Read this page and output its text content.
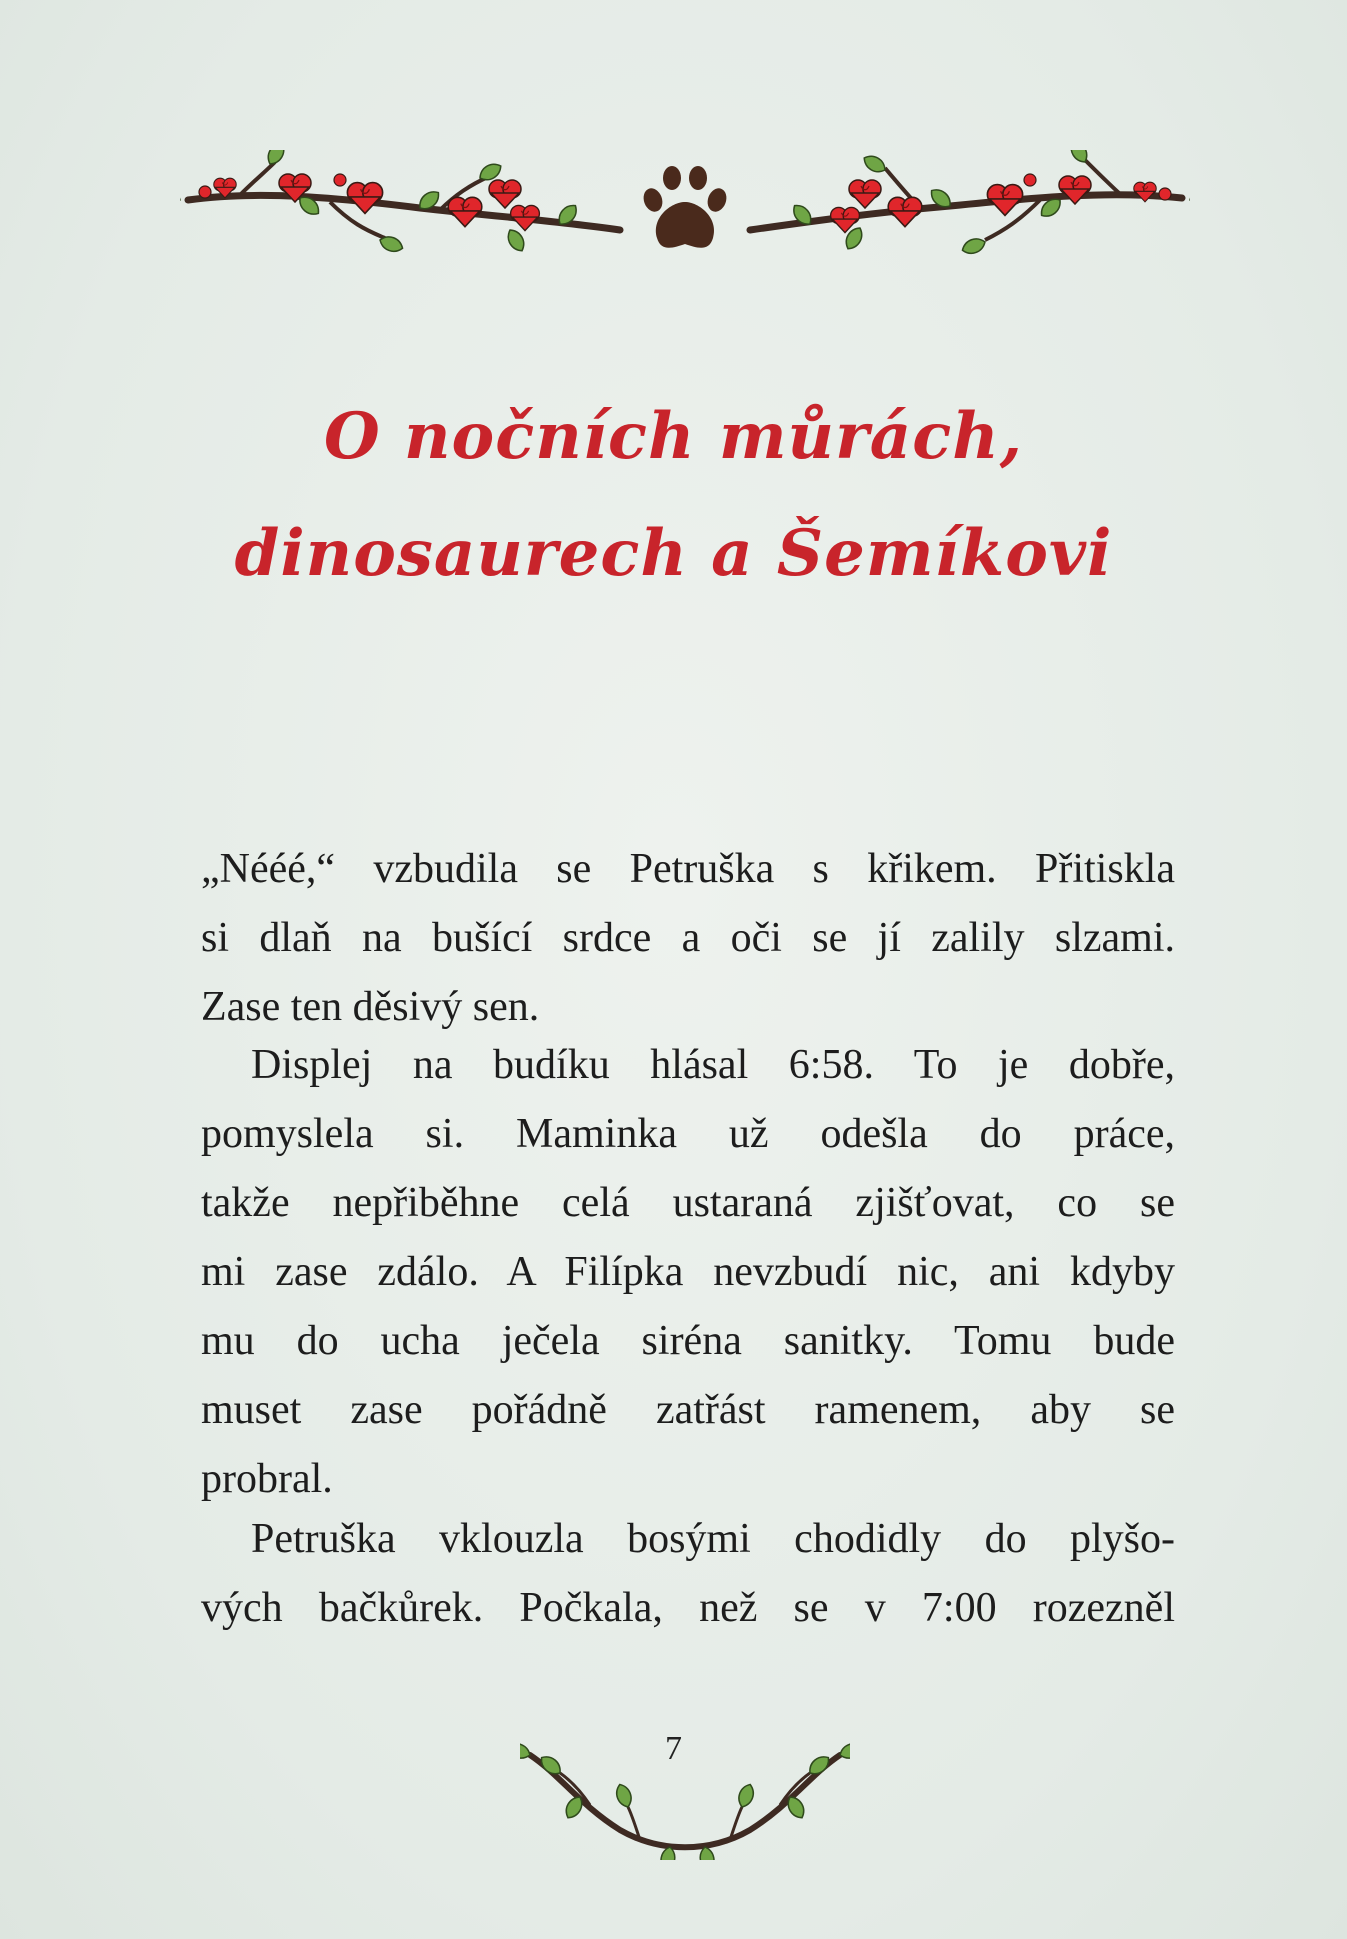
O nočních můrách,
dinosaurech a Šemíkovi
„Nééé,“ vzbudila se Petruška s křikem. Přitiskla
si dlaň na bušící srdce a oči se jí zalily slzami.
Zase ten děsivý sen.
Displej na budíku hlásal 6:58. To je dobře,
pomyslela si. Maminka už odešla do práce,
takže nepřiběhne celá ustaraná zjišťovat, co se
mi zase zdálo. A Filípka nevzbudí nic, ani kdyby
mu do ucha ječela siréna sanitky. Tomu bude
muset zase pořádně zatřást ramenem, aby se
probral.
Petruška vklouzla bosými chodidly do plyšo-
vých bačkůrek. Počkala, než se v 7:00 rozezněl
7
